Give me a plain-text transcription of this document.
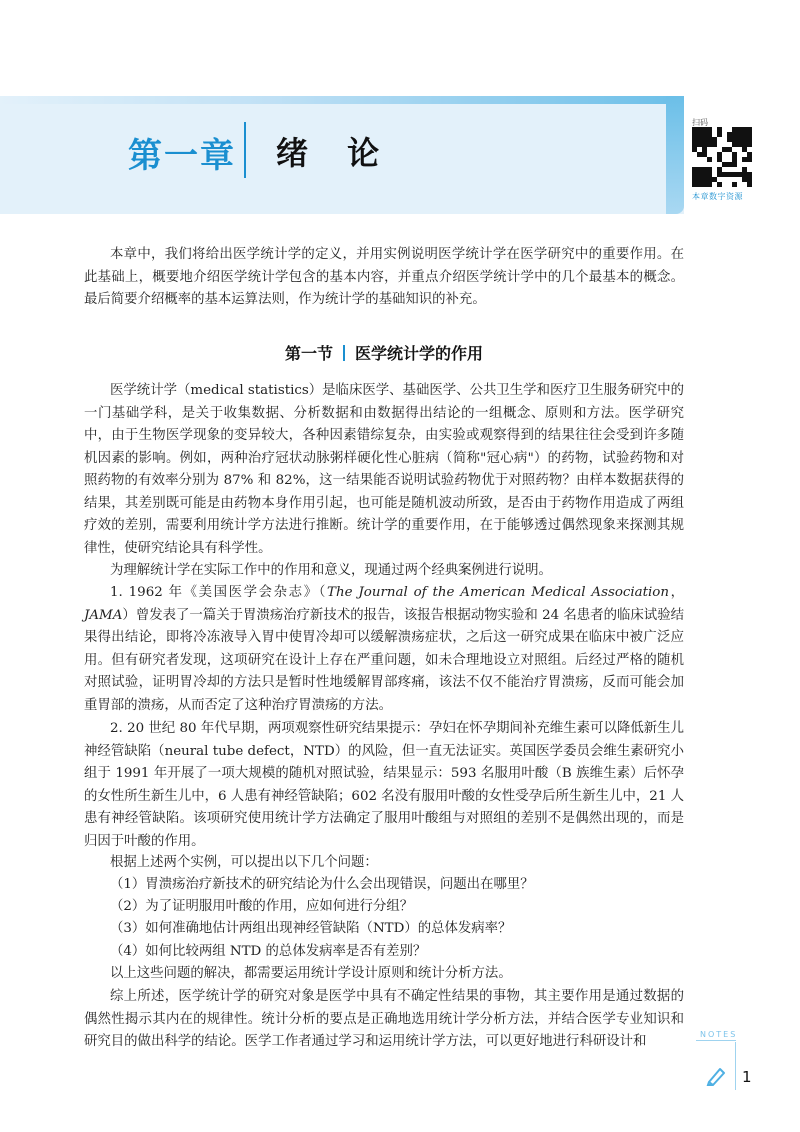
第一章 绪 论
扫码
本章数字资源

本章中，我们将给出医学统计学的定义，并用实例说明医学统计学在医学研究中的重要作用。在此基础上，概要地介绍医学统计学包含的基本内容，并重点介绍医学统计学中的几个最基本的概念。最后简要介绍概率的基本运算法则，作为统计学的基础知识的补充。

第一节 医学统计学的作用

医学统计学（medical statistics）是临床医学、基础医学、公共卫生学和医疗卫生服务研究中的一门基础学科，是关于收集数据、分析数据和由数据得出结论的一组概念、原则和方法。医学研究中，由于生物医学现象的变异较大，各种因素错综复杂，由实验或观察得到的结果往往会受到许多随机因素的影响。例如，两种治疗冠状动脉粥样硬化性心脏病（简称"冠心病"）的药物，试验药物和对照药物的有效率分别为 87% 和 82%，这一结果能否说明试验药物优于对照药物？由样本数据获得的结果，其差别既可能是由药物本身作用引起，也可能是随机波动所致，是否由于药物作用造成了两组疗效的差别，需要利用统计学方法进行推断。统计学的重要作用，在于能够透过偶然现象来探测其规律性，使研究结论具有科学性。

为理解统计学在实际工作中的作用和意义，现通过两个经典案例进行说明。

1. 1962 年《美国医学会杂志》（The Journal of the American Medical Association，JAMA）曾发表了一篇关于胃溃疡治疗新技术的报告，该报告根据动物实验和 24 名患者的临床试验结果得出结论，即将冷冻液导入胃中使胃冷却可以缓解溃疡症状，之后这一研究成果在临床中被广泛应用。但有研究者发现，这项研究在设计上存在严重问题，如未合理地设立对照组。后经过严格的随机对照试验，证明胃冷却的方法只是暂时性地缓解胃部疼痛，该法不仅不能治疗胃溃疡，反而可能会加重胃部的溃疡，从而否定了这种治疗胃溃疡的方法。

2. 20 世纪 80 年代早期，两项观察性研究结果提示：孕妇在怀孕期间补充维生素可以降低新生儿神经管缺陷（neural tube defect，NTD）的风险，但一直无法证实。英国医学委员会维生素研究小组于 1991 年开展了一项大规模的随机对照试验，结果显示：593 名服用叶酸（B 族维生素）后怀孕的女性所生新生儿中，6 人患有神经管缺陷；602 名没有服用叶酸的女性受孕后所生新生儿中，21 人患有神经管缺陷。该项研究使用统计学方法确定了服用叶酸组与对照组的差别不是偶然出现的，而是归因于叶酸的作用。

根据上述两个实例，可以提出以下几个问题：

（1）胃溃疡治疗新技术的研究结论为什么会出现错误，问题出在哪里？

（2）为了证明服用叶酸的作用，应如何进行分组？

（3）如何准确地估计两组出现神经管缺陷（NTD）的总体发病率？

（4）如何比较两组 NTD 的总体发病率是否有差别？

以上这些问题的解决，都需要运用统计学设计原则和统计分析方法。

综上所述，医学统计学的研究对象是医学中具有不确定性结果的事物，其主要作用是通过数据的偶然性揭示其内在的规律性。统计分析的要点是正确地选用统计学分析方法，并结合医学专业知识和研究目的做出科学的结论。医学工作者通过学习和运用统计学方法，可以更好地进行科研设计和	NOTES
1
